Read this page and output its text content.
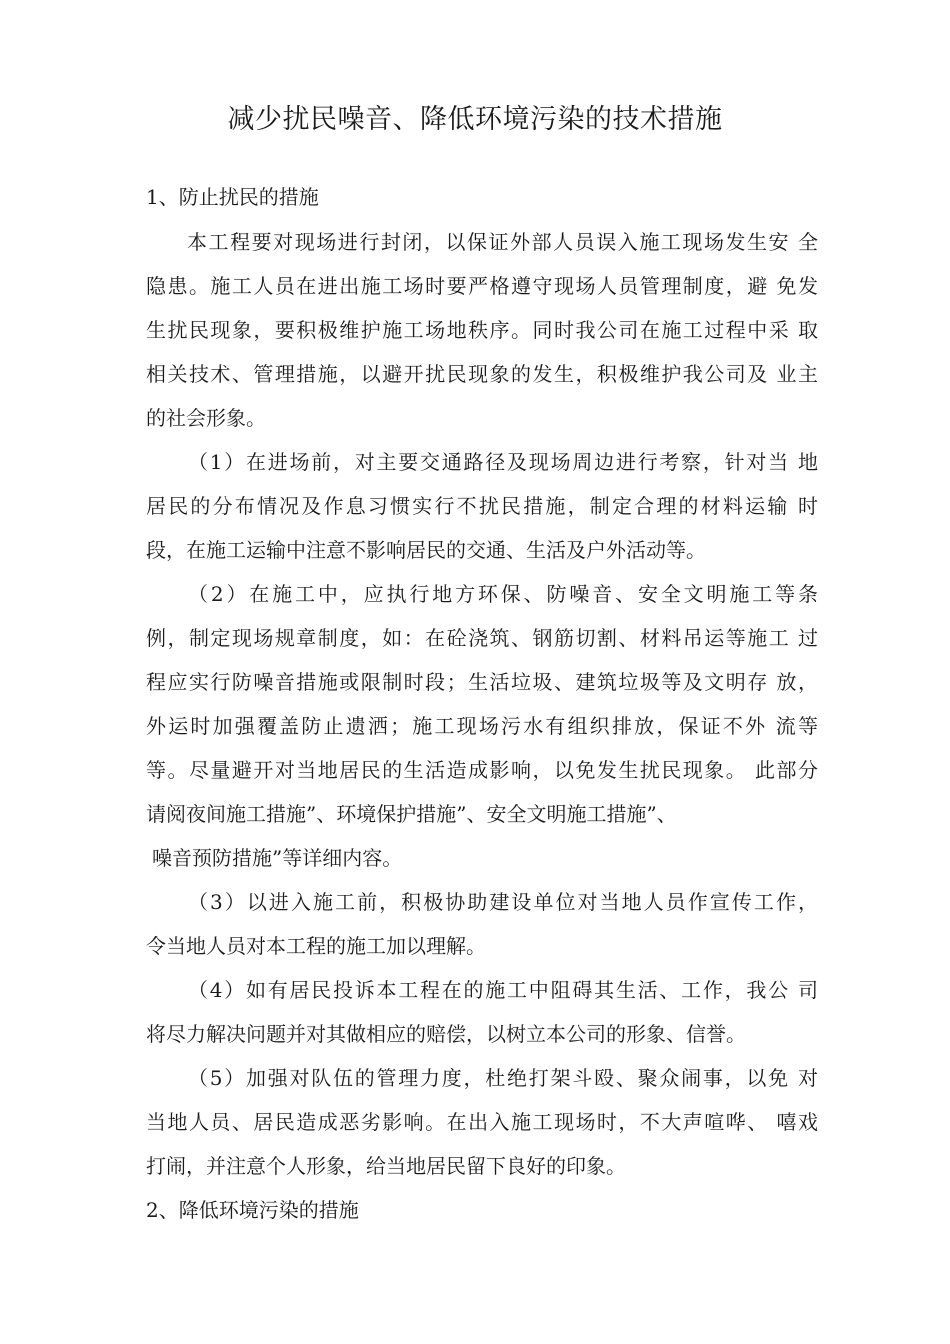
减少扰民噪音、降低环境污染的技术措施
1、防止扰民的措施
本工程要对现场进行封闭，以保证外部人员误入施工现场发生安 全
隐患。施工人员在进出施工场时要严格遵守现场人员管理制度，避 免发
生扰民现象，要积极维护施工场地秩序。同时我公司在施工过程中采 取
相关技术、管理措施，以避开扰民现象的发生，积极维护我公司及 业主
的社会形象。
（1）在进场前，对主要交通路径及现场周边进行考察，针对当 地
居民的分布情况及作息习惯实行不扰民措施，制定合理的材料运输 时
段，在施工运输中注意不影响居民的交通、生活及户外活动等。
（2）在施工中，应执行地方环保、防噪音、安全文明施工等条
例，制定现场规章制度，如：在砼浇筑、钢筋切割、材料吊运等施工 过
程应实行防噪音措施或限制时段；生活垃圾、建筑垃圾等及文明存 放，
外运时加强覆盖防止遗洒；施工现场污水有组织排放，保证不外 流等
等。尽量避开对当地居民的生活造成影响，以免发生扰民现象。 此部分
请阅夜间施工措施”、环境保护措施”、安全文明施工措施”、
噪音预防措施”等详细内容。
（3）以进入施工前，积极协助建设单位对当地人员作宣传工作，
令当地人员对本工程的施工加以理解。
（4）如有居民投诉本工程在的施工中阻碍其生活、工作，我公 司
将尽力解决问题并对其做相应的赔偿，以树立本公司的形象、信誉。
（5）加强对队伍的管理力度，杜绝打架斗殴、聚众闹事，以免 对
当地人员、居民造成恶劣影响。在出入施工现场时，不大声喧哗、 嘻戏
打闹，并注意个人形象，给当地居民留下良好的印象。
2、降低环境污染的措施
